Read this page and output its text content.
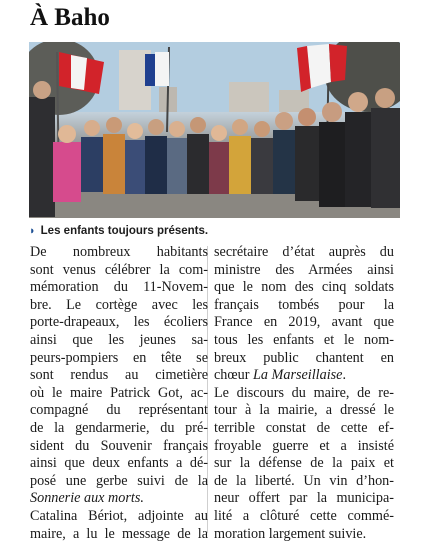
À Baho
◗ Les enfants toujours présents.
De nombreux habitants
sont venus célébrer la com-
mémoration du 11-Novem-
bre. Le cortège avec les
porte-drapeaux, les écoliers
ainsi que les jeunes sa-
peurs-pompiers en tête se
sont rendus au cimetière
où le maire Patrick Got, ac-
compagné du représentant
de la gendarmerie, du pré-
sident du Souvenir français
ainsi que deux enfants a dé-
posé une gerbe suivi de la
Sonnerie aux morts.
Catalina Bériot, adjointe au
maire, a lu le message de la
secrétaire d’état auprès du
ministre des Armées ainsi
que le nom des cinq soldats
français tombés pour la
France en 2019, avant que
tous les enfants et le nom-
breux public chantent en
chœur La Marseillaise.
Le discours du maire, de re-
tour à la mairie, a dressé le
terrible constat de cette ef-
froyable guerre et a insisté
sur la défense de la paix et
de la liberté. Un vin d’hon-
neur offert par la municipa-
lité a clôturé cette commé-
moration largement suivie.
